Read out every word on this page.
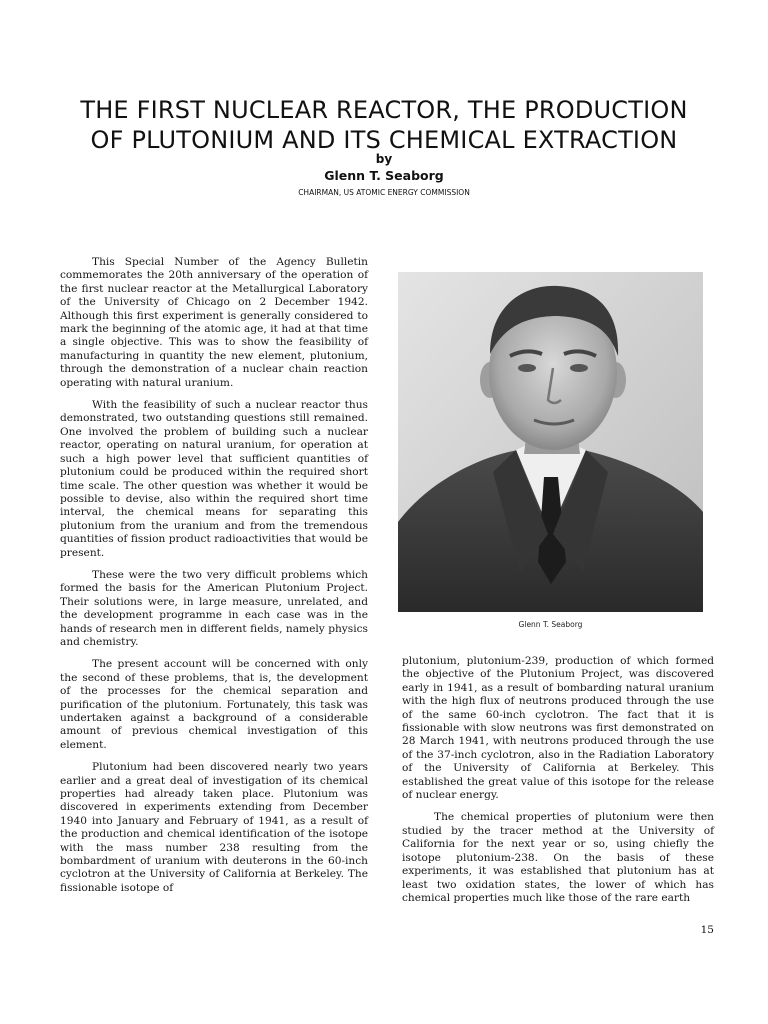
THE FIRST NUCLEAR REACTOR, THE PRODUCTION
OF PLUTONIUM AND ITS CHEMICAL EXTRACTION
by
Glenn T. Seaborg
CHAIRMAN, US ATOMIC ENERGY COMMISSION

This Special Number of the Agency Bulletin commemorates the 20th anniversary of the operation of the first nuclear reactor at the Metallurgical Laboratory of the University of Chicago on 2 December 1942. Although this first experiment is generally considered to mark the beginning of the atomic age, it had at that time a single objective. This was to show the feasibility of manufacturing in quantity the new element, plutonium, through the demonstration of a nuclear chain reaction operating with natural uranium.

With the feasibility of such a nuclear reactor thus demonstrated, two outstanding questions still remained. One involved the problem of building such a nuclear reactor, operating on natural uranium, for operation at such a high power level that sufficient quantities of plutonium could be produced within the required short time scale. The other question was whether it would be possible to devise, also within the required short time interval, the chemical means for separating this plutonium from the uranium and from the tremendous quantities of fission product radioactivities that would be present.

These were the two very difficult problems which formed the basis for the American Plutonium Project. Their solutions were, in large measure, unrelated, and the development programme in each case was in the hands of research men in different fields, namely physics and chemistry.

The present account will be concerned with only the second of these problems, that is, the development of the processes for the chemical separation and purification of the plutonium. Fortunately, this task was undertaken against a background of a considerable amount of previous chemical investigation of this element.

Plutonium had been discovered nearly two years earlier and a great deal of investigation of its chemical properties had already taken place. Plutonium was discovered in experiments extending from December 1940 into January and February of 1941, as a result of the production and chemical identification of the isotope with the mass number 238 resulting from the bombardment of uranium with deuterons in the 60-inch cyclotron at the University of California at Berkeley. The fissionable isotope of

Glenn T. Seaborg

plutonium, plutonium-239, production of which formed the objective of the Plutonium Project, was discovered early in 1941, as a result of bombarding natural uranium with the high flux of neutrons produced through the use of the same 60-inch cyclotron. The fact that it is fissionable with slow neutrons was first demonstrated on 28 March 1941, with neutrons produced through the use of the 37-inch cyclotron, also in the Radiation Laboratory of the University of California at Berkeley. This established the great value of this isotope for the release of nuclear energy.

The chemical properties of plutonium were then studied by the tracer method at the University of California for the next year or so, using chiefly the isotope plutonium-238. On the basis of these experiments, it was established that plutonium has at least two oxidation states, the lower of which has chemical properties much like those of the rare earth

15
